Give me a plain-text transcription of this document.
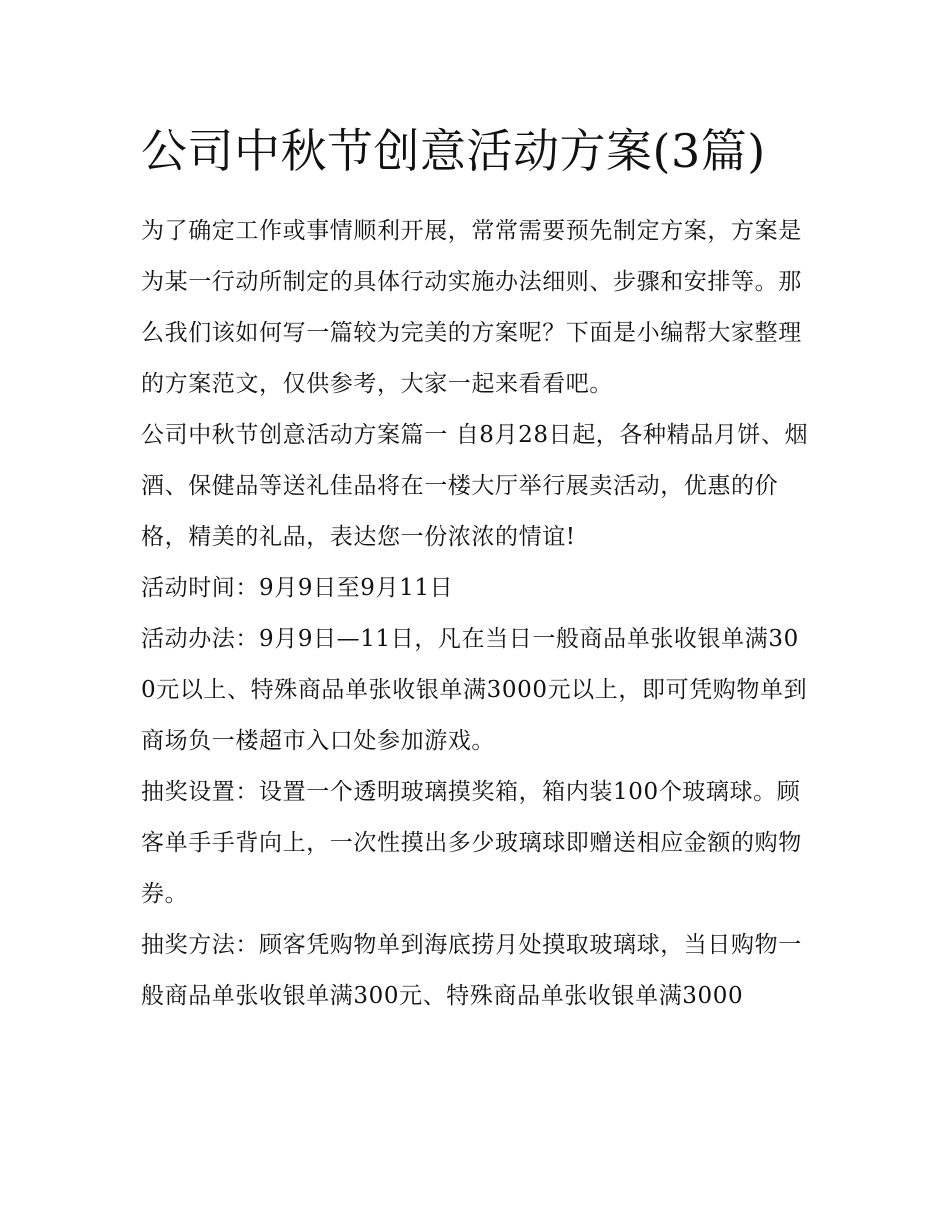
公司中秋节创意活动方案(3篇)

为了确定工作或事情顺利开展，常常需要预先制定方案，方案是为某一行动所制定的具体行动实施办法细则、步骤和安排等。那么我们该如何写一篇较为完美的方案呢？下面是小编帮大家整理的方案范文，仅供参考，大家一起来看看吧。

公司中秋节创意活动方案篇一 自8月28日起，各种精品月饼、烟酒、保健品等送礼佳品将在一楼大厅举行展卖活动，优惠的价格，精美的礼品，表达您一份浓浓的情谊!

活动时间：9月9日至9月11日

活动办法：9月9日—11日，凡在当日一般商品单张收银单满300元以上、特殊商品单张收银单满3000元以上，即可凭购物单到商场负一楼超市入口处参加游戏。

抽奖设置：设置一个透明玻璃摸奖箱，箱内装100个玻璃球。顾客单手手背向上，一次性摸出多少玻璃球即赠送相应金额的购物券。

抽奖方法：顾客凭购物单到海底捞月处摸取玻璃球，当日购物一般商品单张收银单满300元、特殊商品单张收银单满3000
